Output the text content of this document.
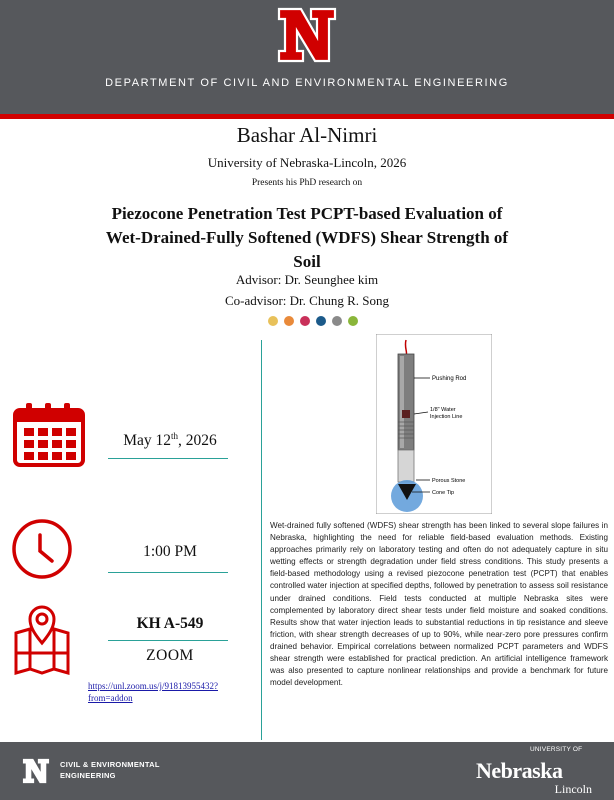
DEPARTMENT OF CIVIL AND ENVIRONMENTAL ENGINEERING
Bashar Al-Nimri
University of Nebraska-Lincoln, 2026
Presents his PhD research on
Piezocone Penetration Test PCPT-based Evaluation of Wet-Drained-Fully Softened (WDFS) Shear Strength of Soil
Advisor: Dr. Seunghee kim
Co-advisor: Dr. Chung R. Song
May 12th, 2026
1:00 PM
KH A-549
ZOOM
https://unl.zoom.us/j/91813955432?from=addon
Pushing Rod
1/8" Water
Injection Line
Porous Stone
Cone Tip
Wet-drained fully softened (WDFS) shear strength has been linked to several slope failures in Nebraska, highlighting the need for reliable field-based evaluation methods. Existing approaches primarily rely on laboratory testing and often do not adequately capture in situ wetting effects or strength degradation under field stress conditions. This study presents a field-based methodology using a revised piezocone penetration test (PCPT) that enables controlled water injection at specified depths, followed by penetration to assess soil resistance under drained conditions. Field tests conducted at multiple Nebraska sites were complemented by laboratory direct shear tests under field moisture and soaked conditions. Results show that water injection leads to substantial reductions in tip resistance and sleeve friction, with shear strength decreases of up to 90%, while near-zero pore pressures confirm drained behavior. Empirical correlations between normalized PCPT parameters and WDFS shear strength were established for practical prediction. An artificial intelligence framework was also presented to capture nonlinear relationships and provide a benchmark for future model development.
CIVIL & ENVIRONMENTAL
ENGINEERING
UNIVERSITY OF
Nebraska
Lincoln
